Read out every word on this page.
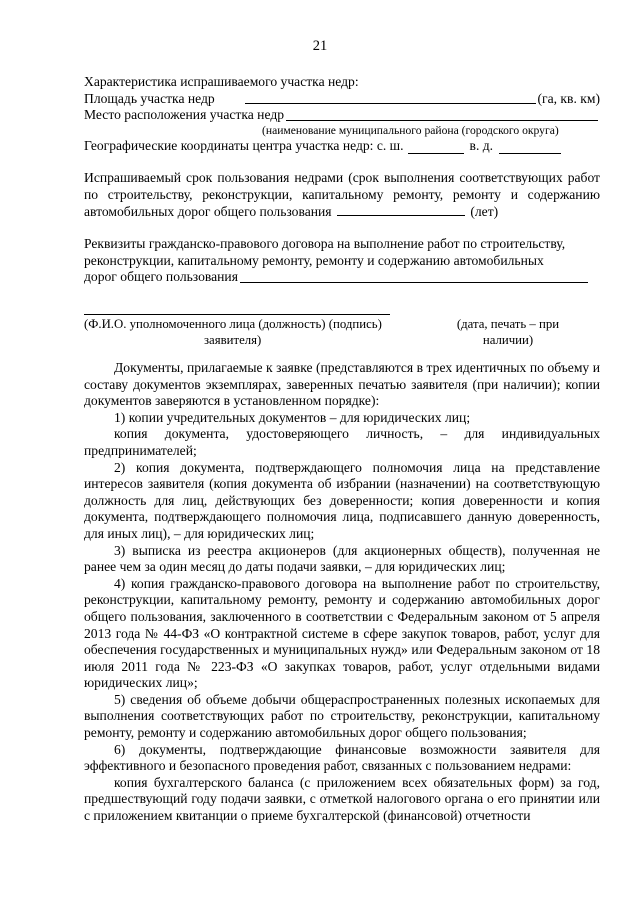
21
Характеристика испрашиваемого участка недр:
Площадь участка недр	(га, кв. км)
Место расположения участка недр
(наименование муниципального района (городского округа)
Географические координаты центра участка недр: с. ш.	в. д.
Испрашиваемый срок пользования недрами (срок выполнения соответствующих работ по строительству, реконструкции, капитальному ремонту, ремонту и содержанию автомобильных дорог общего пользования	(лет)
Реквизиты гражданско-правового договора на выполнение работ по строительству,
реконструкции, капитальному ремонту, ремонту и содержанию автомобильных
дорог общего пользования
(Ф.И.О. уполномоченного лица (должность) (подпись)
заявителя)
(дата, печать – при
наличии)

Документы, прилагаемые к заявке (представляются в трех идентичных по объему и составу документов экземплярах, заверенных печатью заявителя (при наличии); копии документов заверяются в установленном порядке):

1) копии учредительных документов – для юридических лиц;

копия документа, удостоверяющего личность, – для индивидуальных предпринимателей;

2) копия документа, подтверждающего полномочия лица на представление интересов заявителя (копия документа об избрании (назначении) на соответствующую должность для лиц, действующих без доверенности; копия доверенности и копия документа, подтверждающего полномочия лица, подписавшего данную доверенность, для иных лиц), – для юридических лиц;

3) выписка из реестра акционеров (для акционерных обществ), полученная не ранее чем за один месяц до даты подачи заявки, – для юридических лиц;

4) копия гражданско-правового договора на выполнение работ по строительству, реконструкции, капитальному ремонту, ремонту и содержанию автомобильных дорог общего пользования, заключенного в соответствии с Федеральным законом от 5 апреля 2013 года № 44-ФЗ «О контрактной системе в сфере закупок товаров, работ, услуг для обеспечения государственных и муниципальных нужд» или Федеральным законом от 18 июля 2011 года № 223-ФЗ «О закупках товаров, работ, услуг отдельными видами юридических лиц»;

5) сведения об объеме добычи общераспространенных полезных ископаемых для выполнения соответствующих работ по строительству, реконструкции, капитальному ремонту, ремонту и содержанию автомобильных дорог общего пользования;

6) документы, подтверждающие финансовые возможности заявителя для эффективного и безопасного проведения работ, связанных с пользованием недрами:

копия бухгалтерского баланса (с приложением всех обязательных форм) за год, предшествующий году подачи заявки, с отметкой налогового органа о его принятии или с приложением квитанции о приеме бухгалтерской (финансовой) отчетности
